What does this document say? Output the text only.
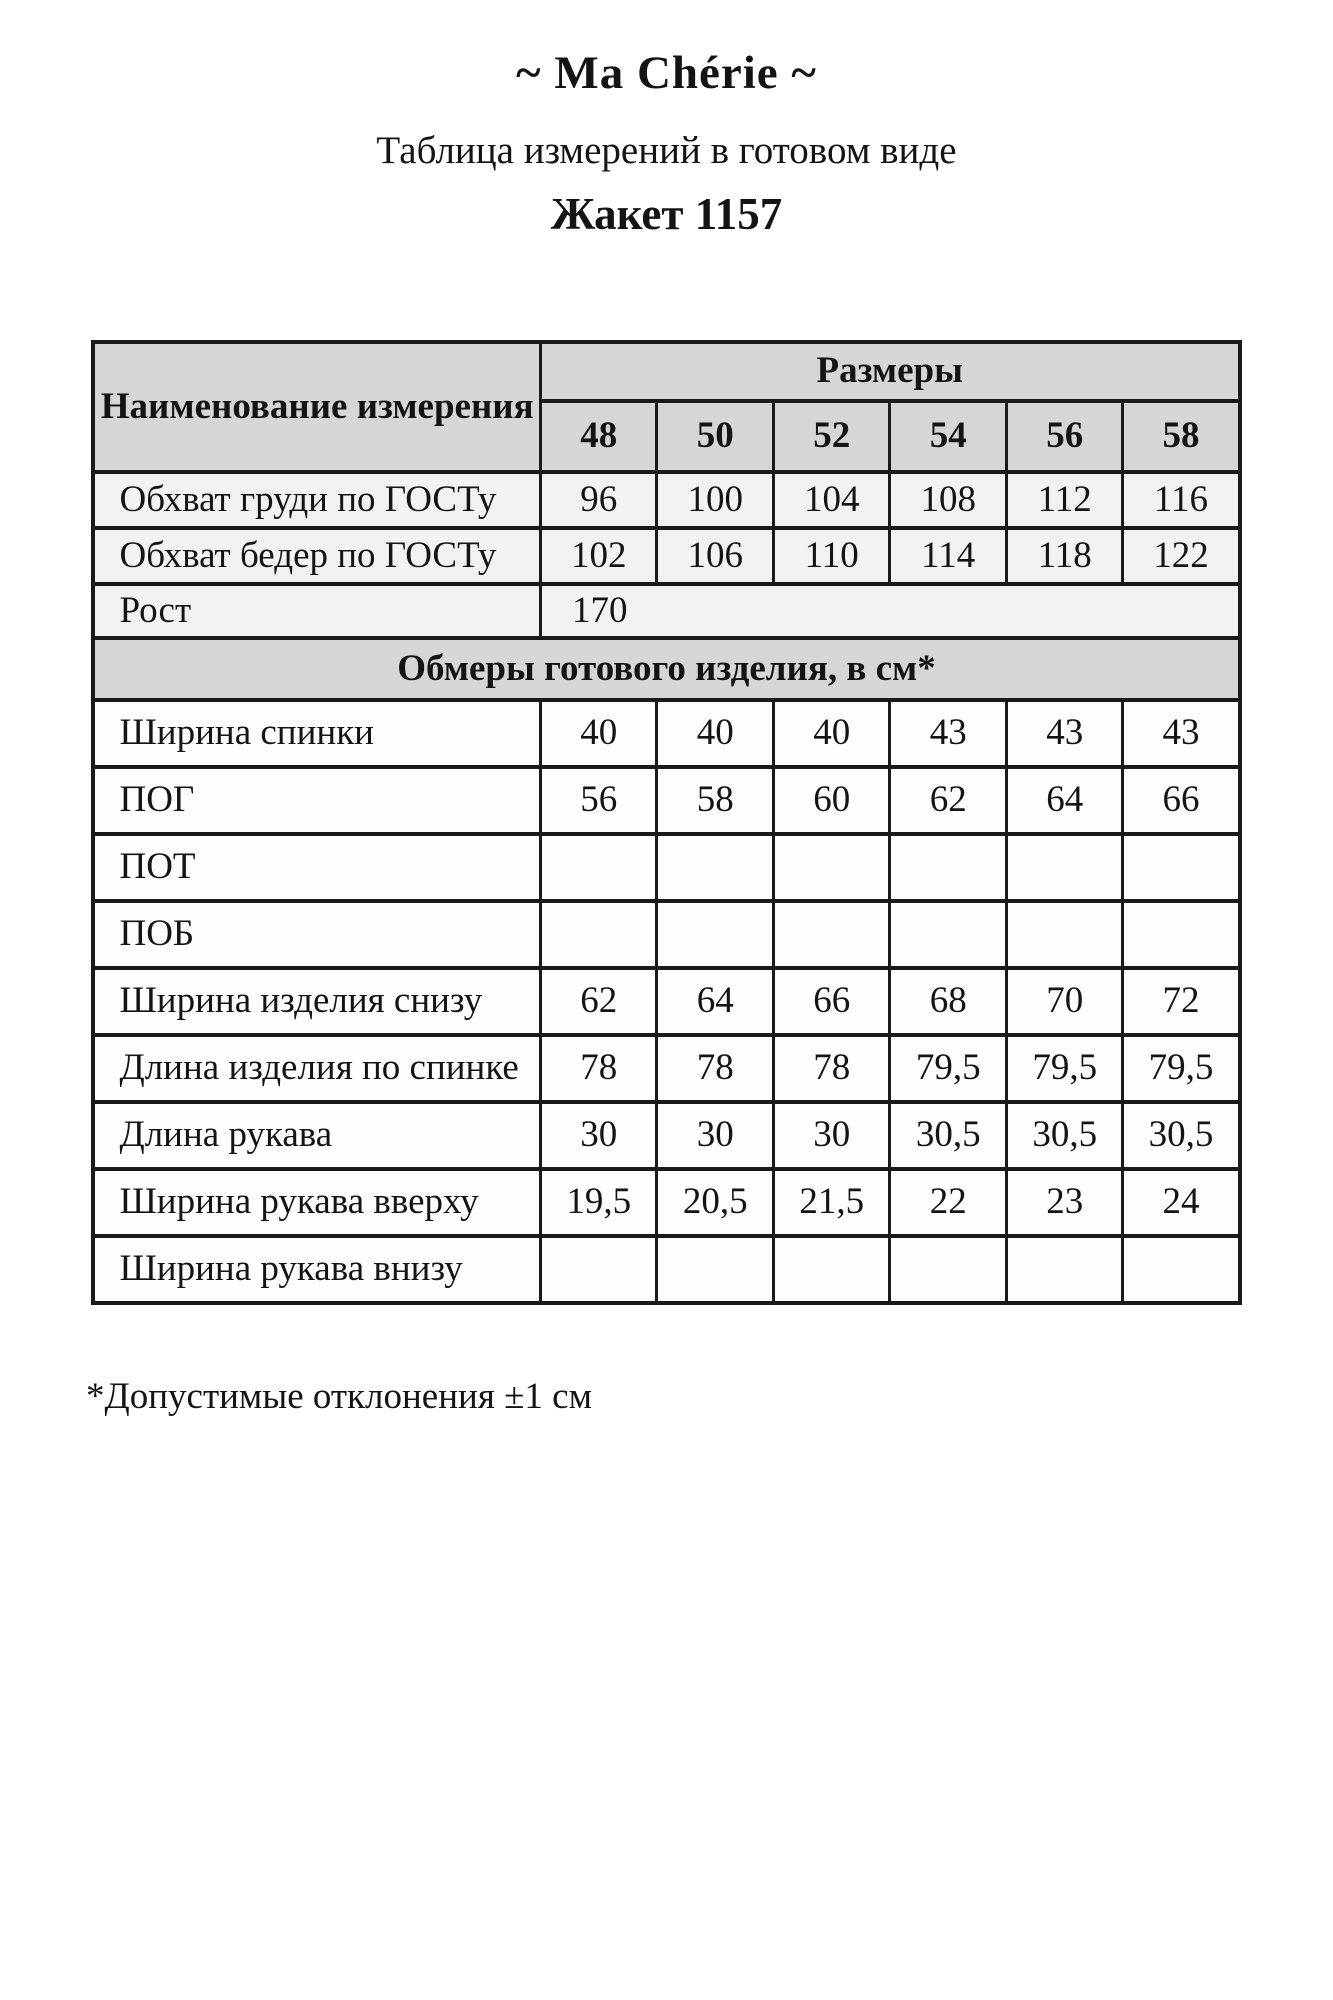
~ Ma Chérie ~
Таблица измерений в готовом виде
Жакет 1157
Наименование измерения	Размеры					
	48	50	52	54	56	58
Обхват груди по ГОСТу	96	100	104	108	112	116
Обхват бедер по ГОСТу	102	106	110	114	118	122
Рост	170					
Обмеры готового изделия, в см*						
Ширина спинки	40	40	40	43	43	43
ПОГ	56	58	60	62	64	66
ПОТ						
ПОБ						
Ширина изделия снизу	62	64	66	68	70	72
Длина изделия по спинке	78	78	78	79,5	79,5	79,5
Длина рукава	30	30	30	30,5	30,5	30,5
Ширина рукава вверху	19,5	20,5	21,5	22	23	24
Ширина рукава внизу						
*Допустимые отклонения ±1 см
